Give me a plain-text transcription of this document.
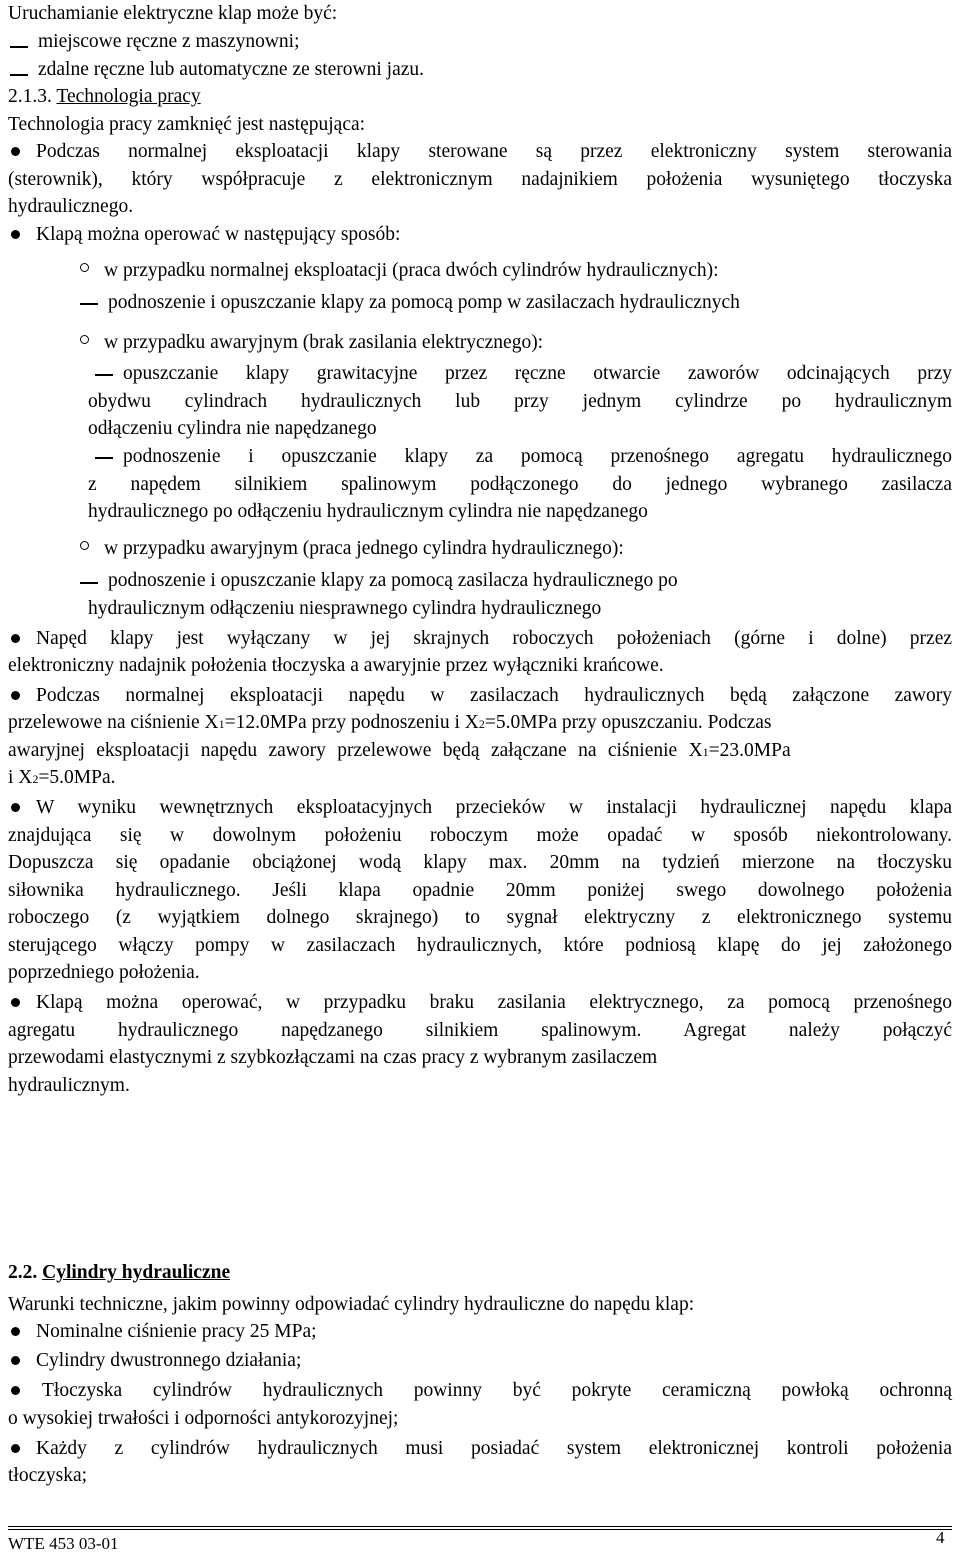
Uruchamianie elektryczne klap może być:
miejscowe ręczne z maszynowni;
zdalne ręczne lub automatyczne ze sterowni jazu.
2.1.3. Technologia pracy
Technologia pracy zamknięć jest następująca:
Podczas normalnej eksploatacji klapy sterowane są przez elektroniczny system sterowania
(sterownik), który współpracuje z elektronicznym nadajnikiem położenia wysuniętego tłoczyska
hydraulicznego.
Klapą można operować w następujący sposób:
w przypadku normalnej eksploatacji (praca dwóch cylindrów hydraulicznych):
podnoszenie i opuszczanie klapy za pomocą pomp w zasilaczach hydraulicznych
w przypadku awaryjnym (brak zasilania elektrycznego):
opuszczanie klapy grawitacyjne przez ręczne otwarcie zaworów odcinających przy
obydwu cylindrach hydraulicznych lub przy jednym cylindrze po hydraulicznym
odłączeniu cylindra nie napędzanego
podnoszenie i opuszczanie klapy za pomocą przenośnego agregatu hydraulicznego
z napędem silnikiem spalinowym podłączonego do jednego wybranego zasilacza
hydraulicznego po odłączeniu hydraulicznym cylindra nie napędzanego
w przypadku awaryjnym (praca jednego cylindra hydraulicznego):
podnoszenie i opuszczanie klapy za pomocą zasilacza hydraulicznego po
hydraulicznym odłączeniu niesprawnego cylindra hydraulicznego
Napęd klapy jest wyłączany w jej skrajnych roboczych położeniach (górne i dolne) przez
elektroniczny nadajnik położenia tłoczyska a awaryjnie przez wyłączniki krańcowe.
Podczas normalnej eksploatacji napędu w zasilaczach hydraulicznych będą załączone zawory
przelewowe na ciśnienie X1=12.0MPa przy podnoszeniu i X2=5.0MPa przy opuszczaniu. Podczas
awaryjnej eksploatacji napędu zawory przelewowe będą załączane na ciśnienie X1=23.0MPa
i X2=5.0MPa.
W wyniku wewnętrznych eksploatacyjnych przecieków w instalacji hydraulicznej napędu klapa
znajdująca się w dowolnym położeniu roboczym może opadać w sposób niekontrolowany.
Dopuszcza się opadanie obciążonej wodą klapy max. 20mm na tydzień mierzone na tłoczysku
siłownika hydraulicznego. Jeśli klapa opadnie 20mm poniżej swego dowolnego położenia
roboczego (z wyjątkiem dolnego skrajnego) to sygnał elektryczny z elektronicznego systemu
sterującego włączy pompy w zasilaczach hydraulicznych, które podniosą klapę do jej założonego
poprzedniego położenia.
Klapą można operować, w przypadku braku zasilania elektrycznego, za pomocą przenośnego
agregatu hydraulicznego napędzanego silnikiem spalinowym. Agregat należy połączyć
przewodami elastycznymi z szybkozłączami na czas pracy z wybranym zasilaczem
hydraulicznym.
2.2. Cylindry hydrauliczne
Warunki techniczne, jakim powinny odpowiadać cylindry hydrauliczne do napędu klap:
Nominalne ciśnienie pracy 25 MPa;
Cylindry dwustronnego działania;
Tłoczyska cylindrów hydraulicznych powinny być pokryte ceramiczną powłoką ochronną
o wysokiej trwałości i odporności antykorozyjnej;
Każdy z cylindrów hydraulicznych musi posiadać system elektronicznej kontroli położenia
tłoczyska;
WTE 453 03-01	4
